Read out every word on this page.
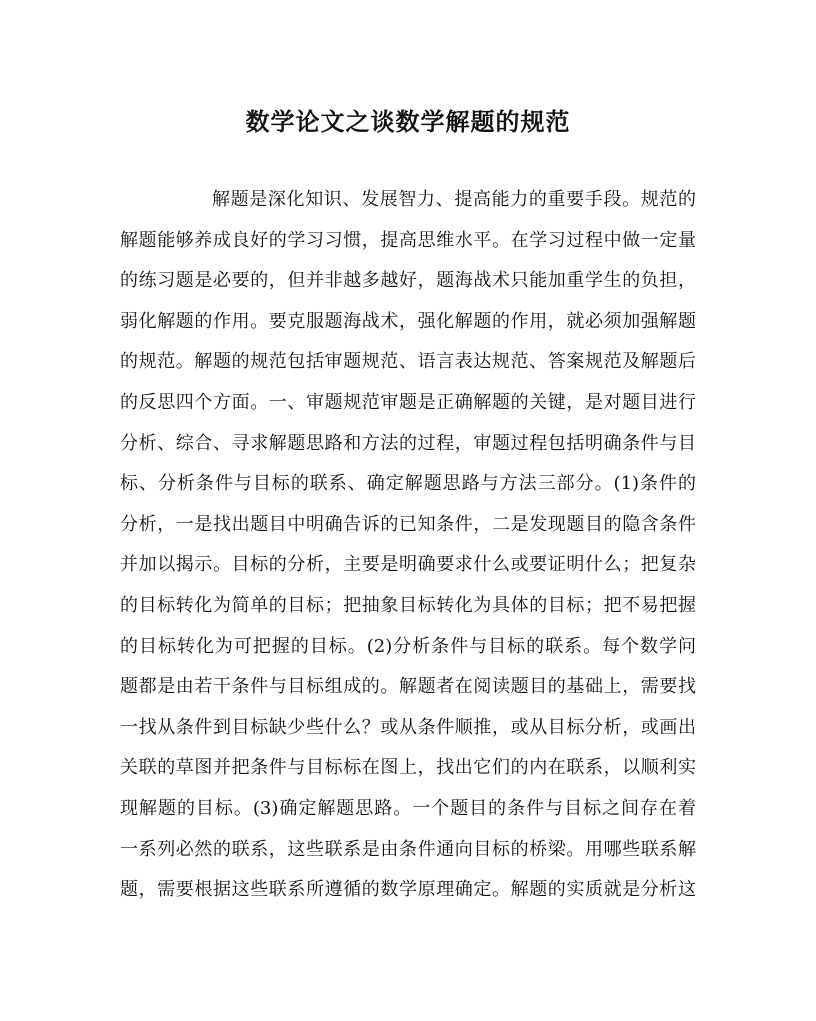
数学论文之谈数学解题的规范
解题是深化知识、发展智力、提高能力的重要手段。规范的
解题能够养成良好的学习习惯，提高思维水平。在学习过程中做一定量
的练习题是必要的，但并非越多越好，题海战术只能加重学生的负担，
弱化解题的作用。要克服题海战术，强化解题的作用，就必须加强解题
的规范。解题的规范包括审题规范、语言表达规范、答案规范及解题后
的反思四个方面。一、审题规范审题是正确解题的关键，是对题目进行
分析、综合、寻求解题思路和方法的过程，审题过程包括明确条件与目
标、分析条件与目标的联系、确定解题思路与方法三部分。(1)条件的
分析，一是找出题目中明确告诉的已知条件，二是发现题目的隐含条件
并加以揭示。目标的分析，主要是明确要求什么或要证明什么；把复杂
的目标转化为简单的目标；把抽象目标转化为具体的目标；把不易把握
的目标转化为可把握的目标。(2)分析条件与目标的联系。每个数学问
题都是由若干条件与目标组成的。解题者在阅读题目的基础上，需要找
一找从条件到目标缺少些什么？或从条件顺推，或从目标分析，或画出
关联的草图并把条件与目标标在图上，找出它们的内在联系，以顺利实
现解题的目标。(3)确定解题思路。一个题目的条件与目标之间存在着
一系列必然的联系，这些联系是由条件通向目标的桥梁。用哪些联系解
题，需要根据这些联系所遵循的数学原理确定。解题的实质就是分析这
